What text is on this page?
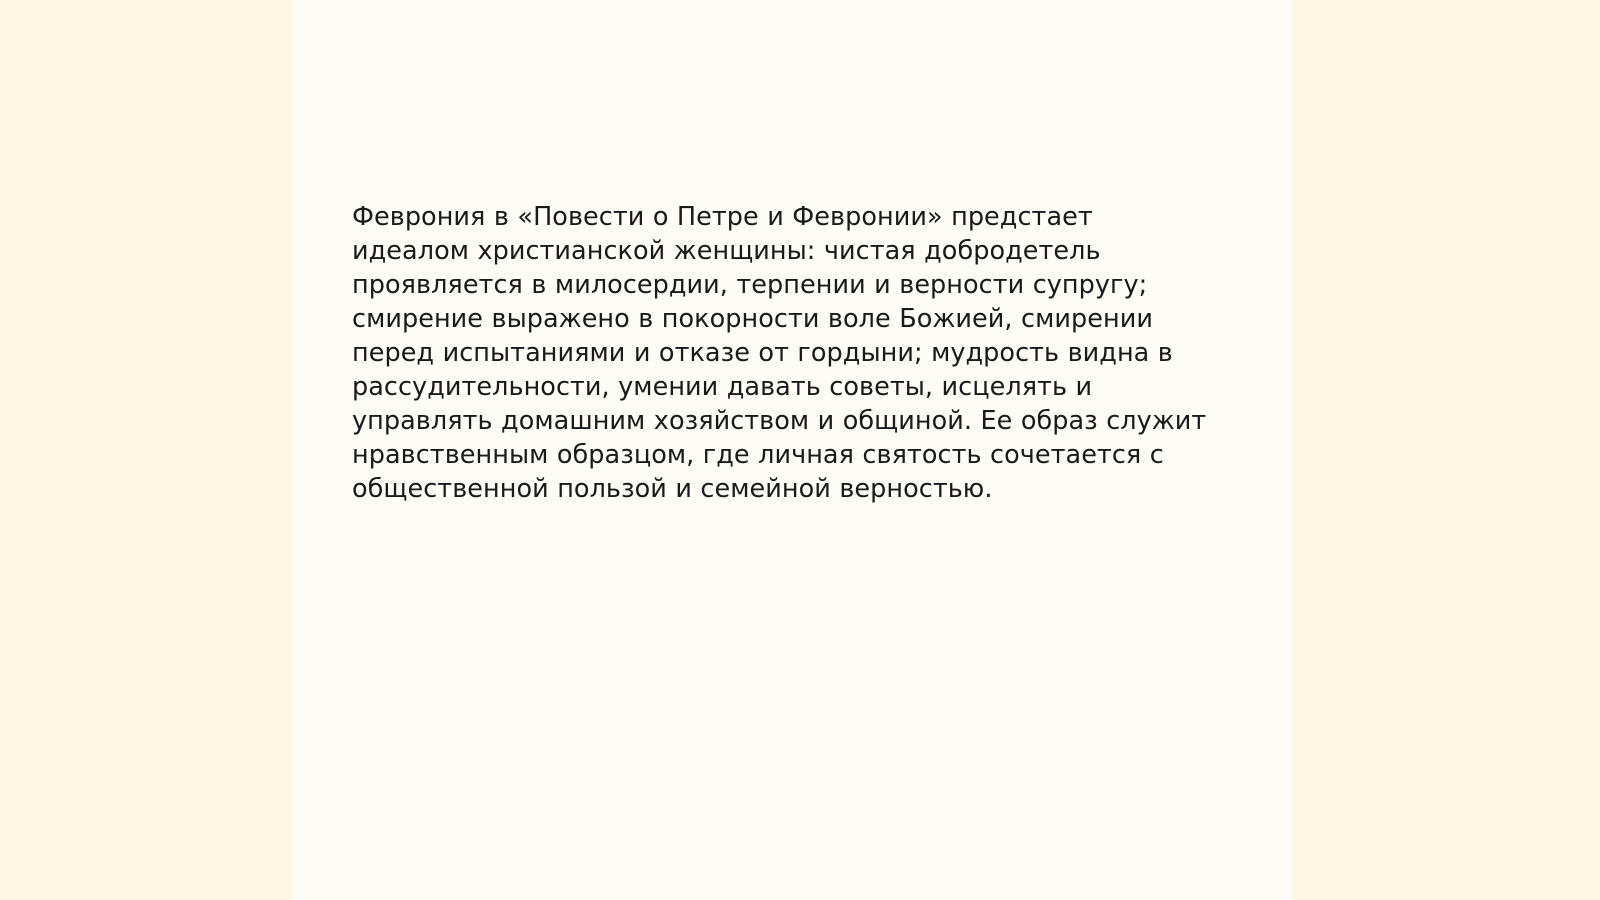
Феврония в «Повести о Петре и Февронии» предстает идеалом христианской женщины: чистая добродетель проявляется в милосердии, терпении и верности супругу; смирение выражено в покорности воле Божией, смирении перед испытаниями и отказе от гордыни; мудрость видна в рассудительности, умении давать советы, исцелять и управлять домашним хозяйством и общиной. Ее образ служит нравственным образцом, где личная святость сочетается с общественной пользой и семейной верностью.
